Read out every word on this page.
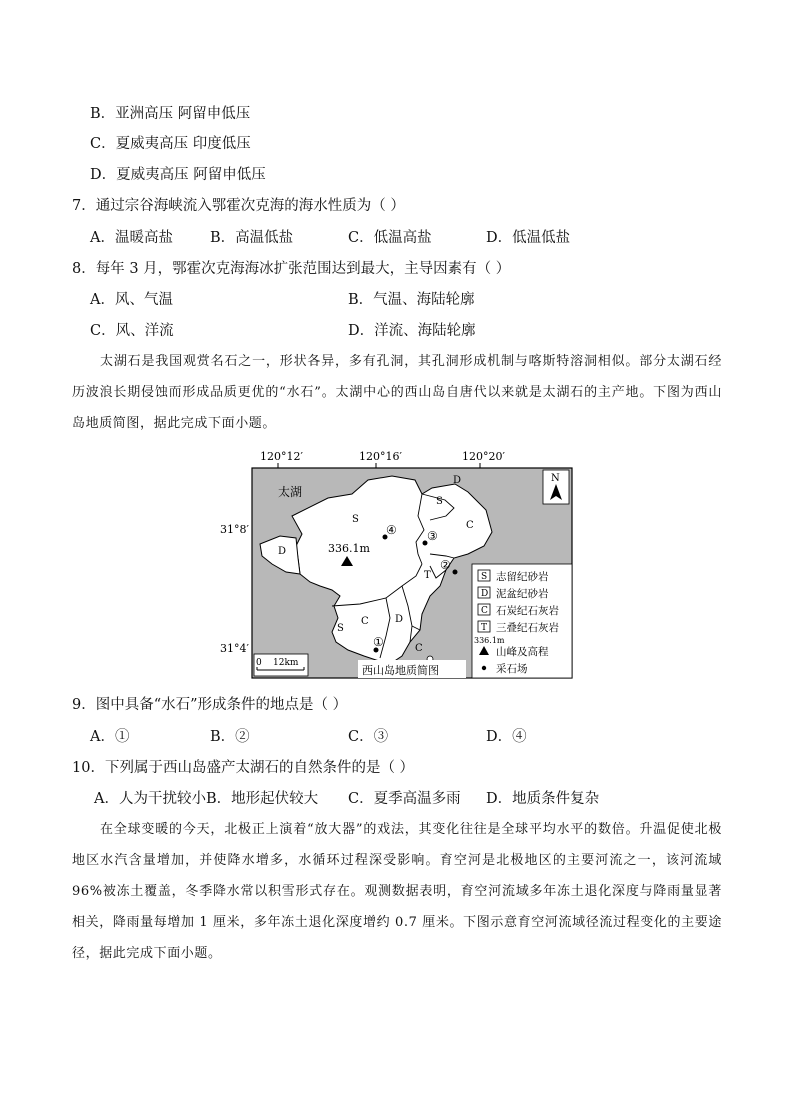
B．亚洲高压 阿留申低压
C．夏威夷高压 印度低压
D．夏威夷高压 阿留申低压
7．通过宗谷海峡流入鄂霍次克海的海水性质为（ ）
A．温暖高盐	B．高温低盐	C．低温高盐	D．低温低盐
8．每年 3 月，鄂霍次克海海冰扩张范围达到最大，主导因素有（ ）
A．风、气温	B．气温、海陆轮廓
C．风、洋流	D．洋流、海陆轮廓
太湖石是我国观赏名石之一，形状各异，多有孔洞，其孔洞形成机制与喀斯特溶洞相似。部分太湖石经历波浪长期侵蚀而形成品质更优的“水石”。太湖中心的西山岛自唐代以来就是太湖石的主产地。下图为西山岛地质简图，据此完成下面小题。
120°12′	120°16′	120°20′
31°8′
31°4′
太湖
S
S
D
D
C
T
S
C	D
C
336.1m
④	③
②
①
N
0 12km
西山岛地质简图
S 志留纪砂岩
D 泥盆纪砂岩
C 石炭纪石灰岩
T 三叠纪石灰岩
336.1m
山峰及高程
采石场
9．图中具备“水石”形成条件的地点是（ ）
A．①	B．②	C．③	D．④
10．下列属于西山岛盛产太湖石的自然条件的是（ ）
A．人为干扰较小 B．地形起伏较大 C．夏季高温多雨 D．地质条件复杂
在全球变暖的今天，北极正上演着“放大器”的戏法，其变化往往是全球平均水平的数倍。升温促使北极地区水汽含量增加，并使降水增多，水循环过程深受影响。育空河是北极地区的主要河流之一，该河流域 96%被冻土覆盖，冬季降水常以积雪形式存在。观测数据表明，育空河流域多年冻土退化深度与降雨量显著相关，降雨量每增加 1 厘米，多年冻土退化深度增约 0.7 厘米。下图示意育空河流域径流过程变化的主要途径，据此完成下面小题。
